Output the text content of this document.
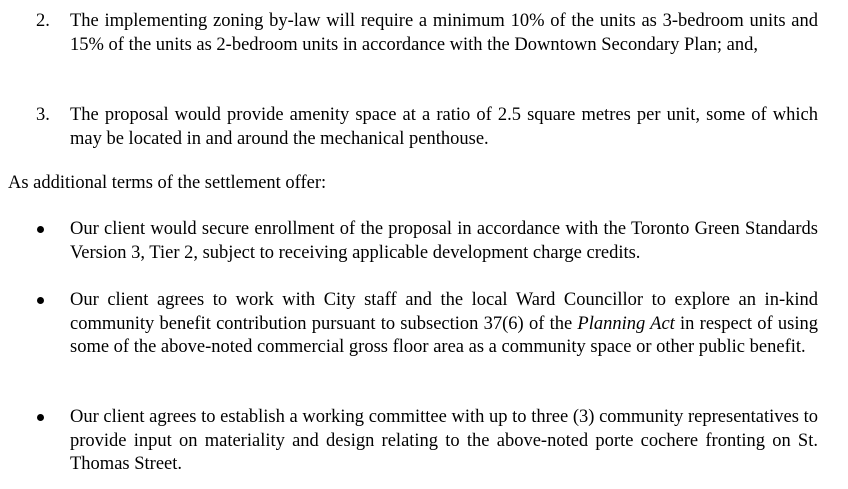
2.	The implementing zoning by-law will require a minimum 10% of the units as 3-bedroom units and 15% of the units as 2-bedroom units in accordance with the Downtown Secondary Plan; and,
3.	The proposal would provide amenity space at a ratio of 2.5 square metres per unit, some of which may be located in and around the mechanical penthouse.
As additional terms of the settlement offer:
Our client would secure enrollment of the proposal in accordance with the Toronto Green Standards Version 3, Tier 2, subject to receiving applicable development charge credits.
Our client agrees to work with City staff and the local Ward Councillor to explore an in-kind community benefit contribution pursuant to subsection 37(6) of the Planning Act in respect of using some of the above-noted commercial gross floor area as a community space or other public benefit.
Our client agrees to establish a working committee with up to three (3) community representatives to provide input on materiality and design relating to the above-noted porte cochere fronting on St. Thomas Street.
